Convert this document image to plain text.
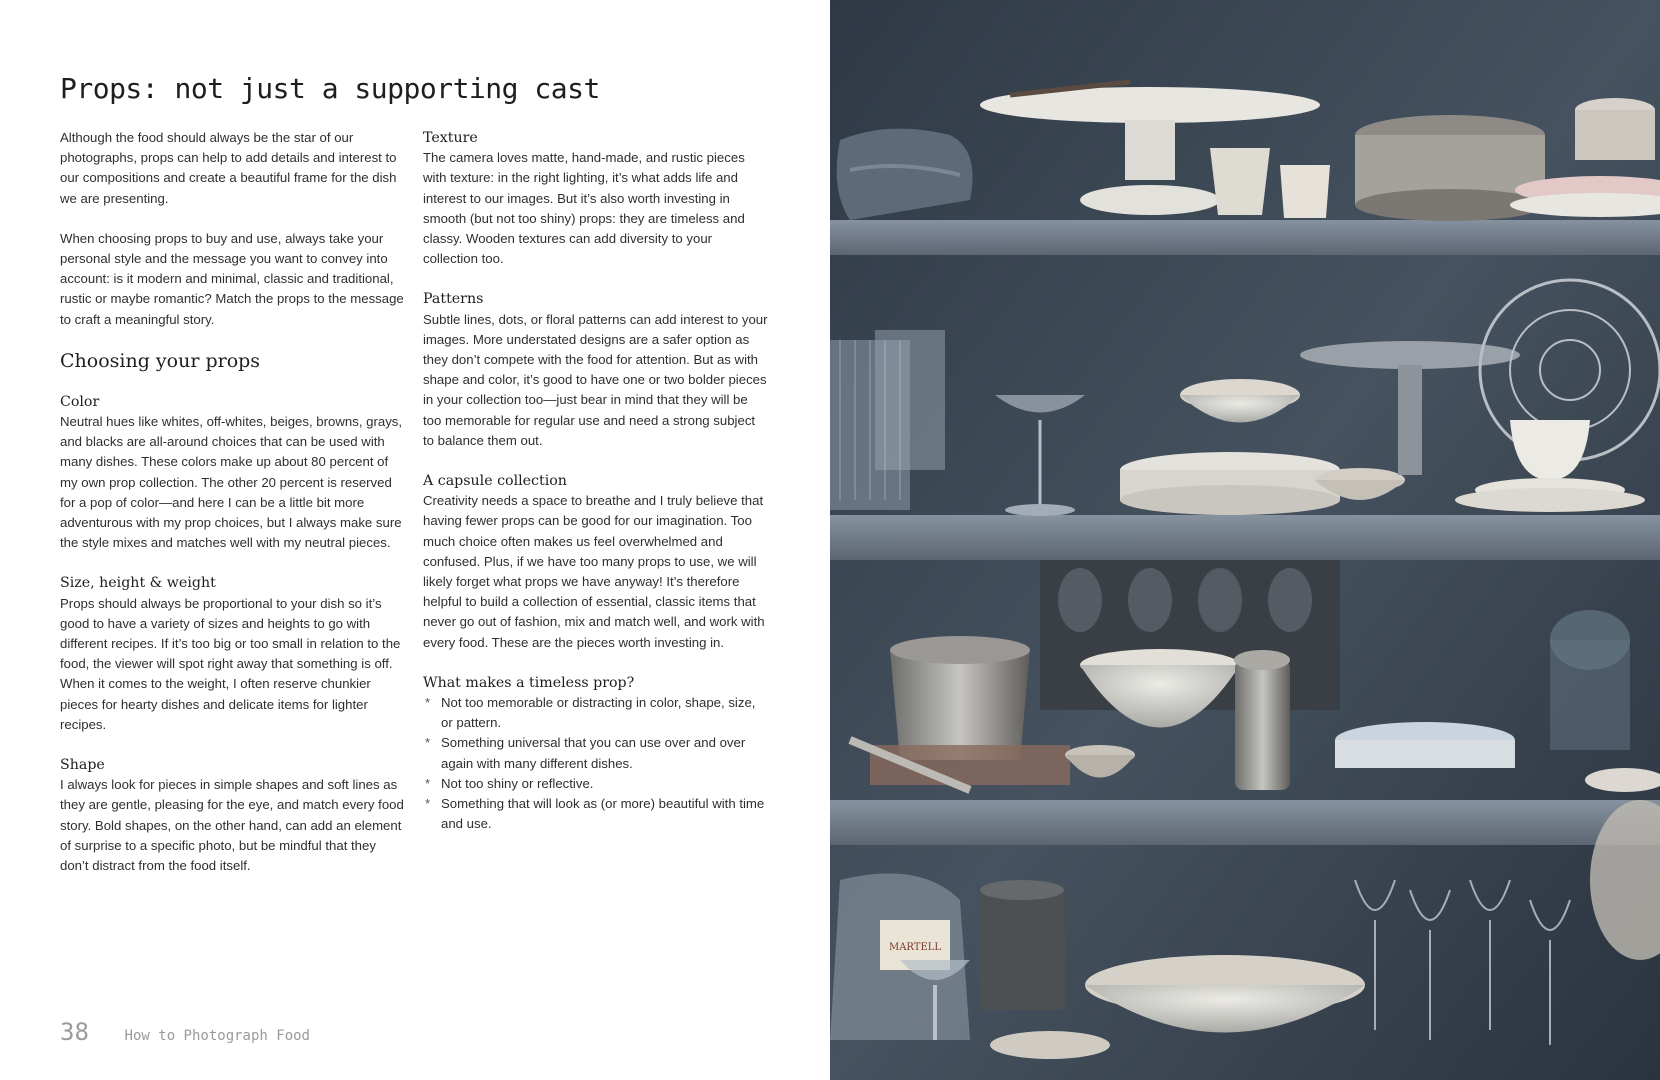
Props: not just a supporting cast

Although the food should always be the star of our photographs, props can help to add details and interest to our compositions and create a beautiful frame for the dish we are presenting.

When choosing props to buy and use, always take your personal style and the message you want to convey into account: is it modern and minimal, classic and traditional, rustic or maybe romantic? Match the props to the message to craft a meaningful story.

Choosing your props
Color

Neutral hues like whites, off-whites, beiges, browns, grays, and blacks are all-around choices that can be used with many dishes. These colors make up about 80 percent of my own prop collection. The other 20 percent is reserved for a pop of color—and here I can be a little bit more adventurous with my prop choices, but I always make sure the style mixes and matches well with my neutral pieces.

Size, height & weight

Props should always be proportional to your dish so it’s good to have a variety of sizes and heights to go with different recipes. If it’s too big or too small in relation to the food, the viewer will spot right away that something is off. When it comes to the weight, I often reserve chunkier pieces for hearty dishes and delicate items for lighter recipes.

Shape

I always look for pieces in simple shapes and soft lines as they are gentle, pleasing for the eye, and match every food story. Bold shapes, on the other hand, can add an element of surprise to a specific photo, but be mindful that they don’t distract from the food itself.

Texture

The camera loves matte, hand-made, and rustic pieces with texture: in the right lighting, it’s what adds life and interest to our images. But it’s also worth investing in smooth (but not too shiny) props: they are timeless and classy. Wooden textures can add diversity to your collection too.

Patterns

Subtle lines, dots, or floral patterns can add interest to your images. More understated designs are a safer option as they don’t compete with the food for attention. But as with shape and color, it’s good to have one or two bolder pieces in your collection too—just bear in mind that they will be too memorable for regular use and need a strong subject to balance them out.

A capsule collection

Creativity needs a space to breathe and I truly believe that having fewer props can be good for our imagination. Too much choice often makes us feel overwhelmed and confused. Plus, if we have too many props to use, we will likely forget what props we have anyway! It’s therefore helpful to build a collection of essential, classic items that never go out of fashion, mix and match well, and work with every food. These are the pieces worth investing in.

What makes a timeless prop?
* Not too memorable or distracting in color, shape, size, or pattern.
* Something universal that you can use over and over again with many different dishes.
* Not too shiny or reflective.
* Something that will look as (or more) beautiful with time and use.
38	How to Photograph Food
MARTELL
